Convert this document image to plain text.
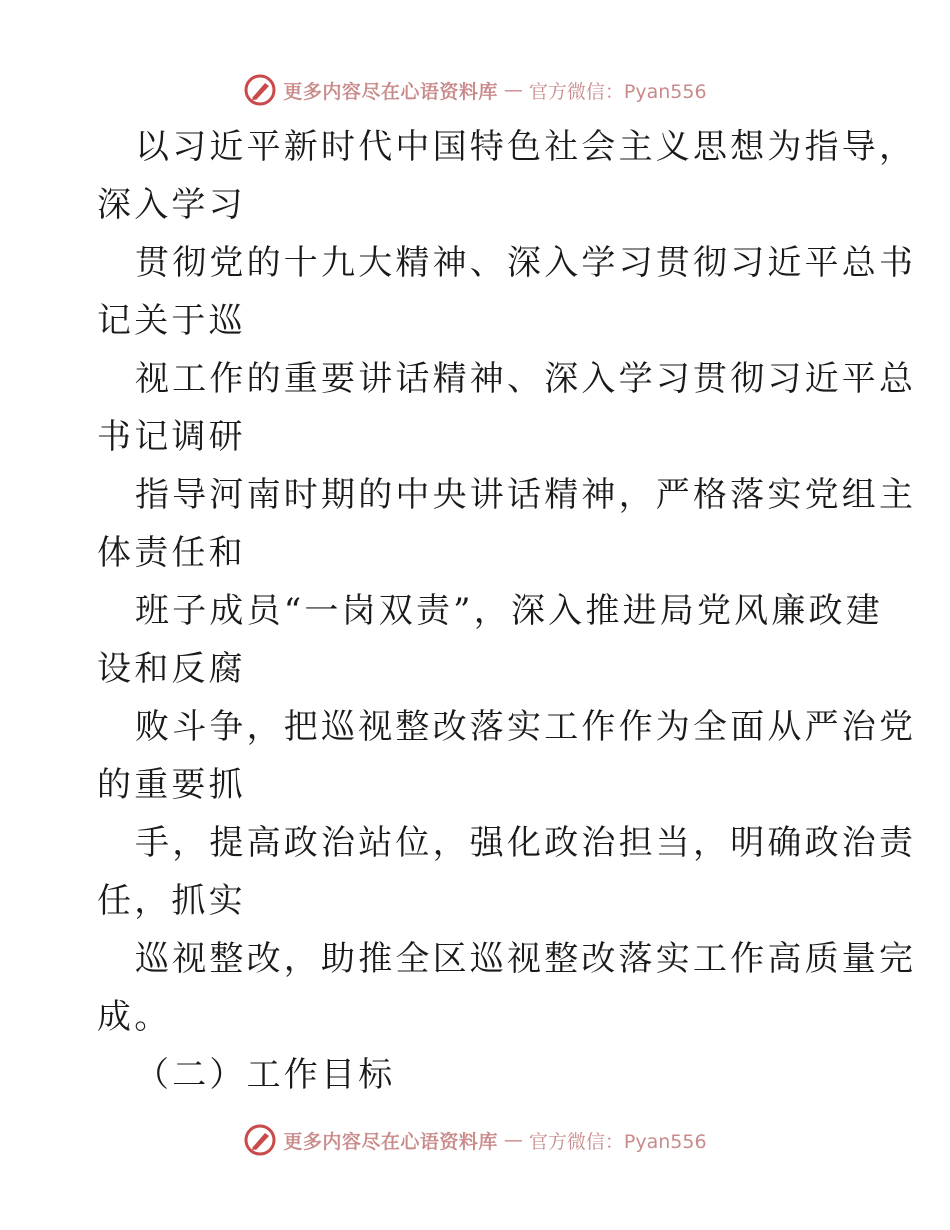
更多内容尽在心语资料库 — 官方微信：Pyan556
以习近平新时代中国特色社会主义思想为指导，
深入学习
贯彻党的十九大精神、深入学习贯彻习近平总书
记关于巡
视工作的重要讲话精神、深入学习贯彻习近平总
书记调研
指导河南时期的中央讲话精神，严格落实党组主
体责任和
班子成员“一岗双责”，深入推进局党风廉政建
设和反腐
败斗争，把巡视整改落实工作作为全面从严治党
的重要抓
手，提高政治站位，强化政治担当，明确政治责
任，抓实
巡视整改，助推全区巡视整改落实工作高质量完
成。
（二）工作目标
更多内容尽在心语资料库 — 官方微信：Pyan556
